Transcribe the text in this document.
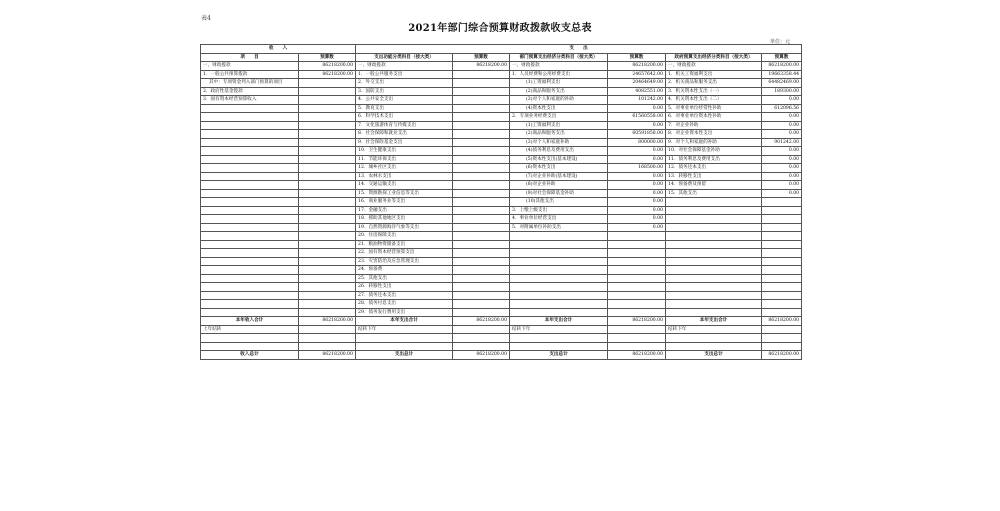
表4
2021年部门综合预算财政拨款收支总表
单位：元
收　　入		支　　出					
项　　目	预算数	支出功能分类科目（按大类）	预算数	部门预算支出经济分类科目（按大类）	预算数	政府预算支出经济分类科目（按大类）	预算数
一、财政拨款	86218200.00	一、财政拨款	86218200.00	一、财政拨款	86218200.00	一、财政拨款	86218200.00
1．一般公共预算拨款	86218200.00	1．一般公共服务支出		1．人员经费和公用经费支出	24657642.00	1．机关工资福利支出	19663358.44
其中：专项资金列入部门预算的项目		2．外交支出		(1)工资福利支出	20464649.00	2．机关商品和服务支出	64482469.00
2．政府性基金拨款		3．国防支出		(2)商品和服务支出	4082551.00	3．机关资本性支出（一）	189300.00
3．国有资本经营预算收入		4．公共安全支出		(3)对个人和家庭的补助	101242.00	4．机关资本性支出（二）	0.00
		5．教育支出		(4)资本性支出	0.00	5．对事业单位经常性补助	612096.56
		6．科学技术支出		2．专项业务经费支出	61560558.00	6．对事业单位资本性补助	0.00
		7．文化旅游体育与传媒支出		(1)工资福利支出	0.00	7．对企业补助	0.00
		8．社会保障和就业支出		(2)商品和服务支出	60591858.00	8．对企业资本性支出	0.00
		9．社会保险基金支出		(3)对个人和家庭补助	800000.00	9．对个人和家庭的补助	901242.00
		10．卫生健康支出		(4)债务利息及费用支出	0.00	10．对社会保障基金补助	0.00
		11．节能环保支出		(5)资本性支出(基本建设)	0.00	11．债务利息及费用支出	0.00
		12．城乡社区支出		(6)资本性支出	168500.00	12．债务还本支出	0.00
		13．农林水支出		(7)对企业补助(基本建设)	0.00	13．转移性支出	0.00
		14．交通运输支出		(8)对企业补助	0.00	14．预备费及预留	0.00
		15．资源勘探工业信息等支出		(9)对社会保障基金补助	0.00	15．其他支出	0.00
		16．商业服务业等支出		(10)其他支出	0.00		
		17．金融支出		3．上缴上级支出	0.00		
		18．援助其他地区支出		4．事业单位经营支出	0.00		
		19．自然资源海洋气象等支出		5．对附属单位补助支出	0.00		
		20．住房保障支出					
		21．粮油物资储备支出					
		22．国有资本经营预算支出					
		23．灾害防治及应急管理支出					
		24．预备费					
		25．其他支出					
		26．转移性支出					
		27．债务还本支出					
		28．债务付息支出					
		29．债务发行费用支出					
本年收入合计	86218200.00	本年支出合计	86218200.00	本年支出合计	86218200.00	本年支出合计	86218200.00
上年结转		结转下年		结转下年		结转下年	

收入总计	86218200.00	支出总计	86218200.00	支出总计	86218200.00	支出总计	86218200.00
